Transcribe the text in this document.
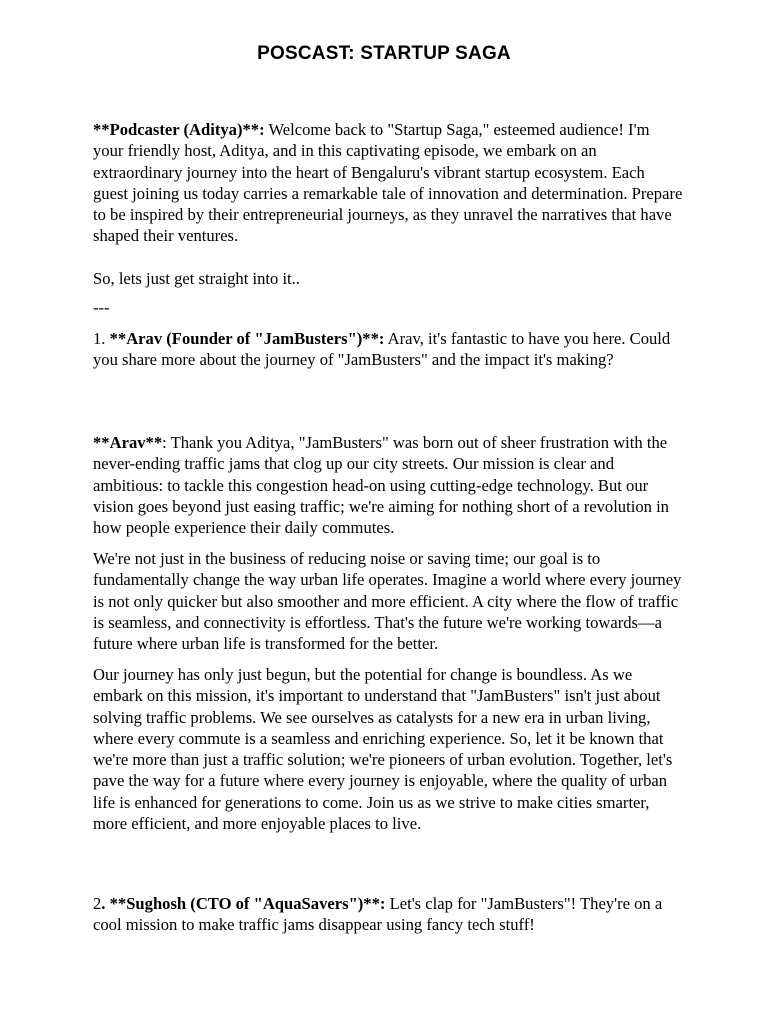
POSCAST: STARTUP SAGA

**Podcaster (Aditya)**: Welcome back to "Startup Saga," esteemed audience! I'm your friendly host, Aditya, and in this captivating episode, we embark on an extraordinary journey into the heart of Bengaluru's vibrant startup ecosystem. Each guest joining us today carries a remarkable tale of innovation and determination. Prepare to be inspired by their entrepreneurial journeys, as they unravel the narratives that have shaped their ventures.

So, lets just get straight into it..

---

1. **Arav (Founder of "JamBusters")**: Arav, it's fantastic to have you here. Could you share more about the journey of "JamBusters" and the impact it's making?

**Arav**: Thank you Aditya, "JamBusters" was born out of sheer frustration with the never-ending traffic jams that clog up our city streets. Our mission is clear and ambitious: to tackle this congestion head-on using cutting-edge technology. But our vision goes beyond just easing traffic; we're aiming for nothing short of a revolution in how people experience their daily commutes.

We're not just in the business of reducing noise or saving time; our goal is to fundamentally change the way urban life operates. Imagine a world where every journey is not only quicker but also smoother and more efficient. A city where the flow of traffic is seamless, and connectivity is effortless. That's the future we're working towards—a future where urban life is transformed for the better.

Our journey has only just begun, but the potential for change is boundless. As we embark on this mission, it's important to understand that "JamBusters" isn't just about solving traffic problems. We see ourselves as catalysts for a new era in urban living, where every commute is a seamless and enriching experience. So, let it be known that we're more than just a traffic solution; we're pioneers of urban evolution. Together, let's pave the way for a future where every journey is enjoyable, where the quality of urban life is enhanced for generations to come. Join us as we strive to make cities smarter, more efficient, and more enjoyable places to live.

2. **Sughosh (CTO of "AquaSavers")**: Let's clap for "JamBusters"! They're on a cool mission to make traffic jams disappear using fancy tech stuff!
